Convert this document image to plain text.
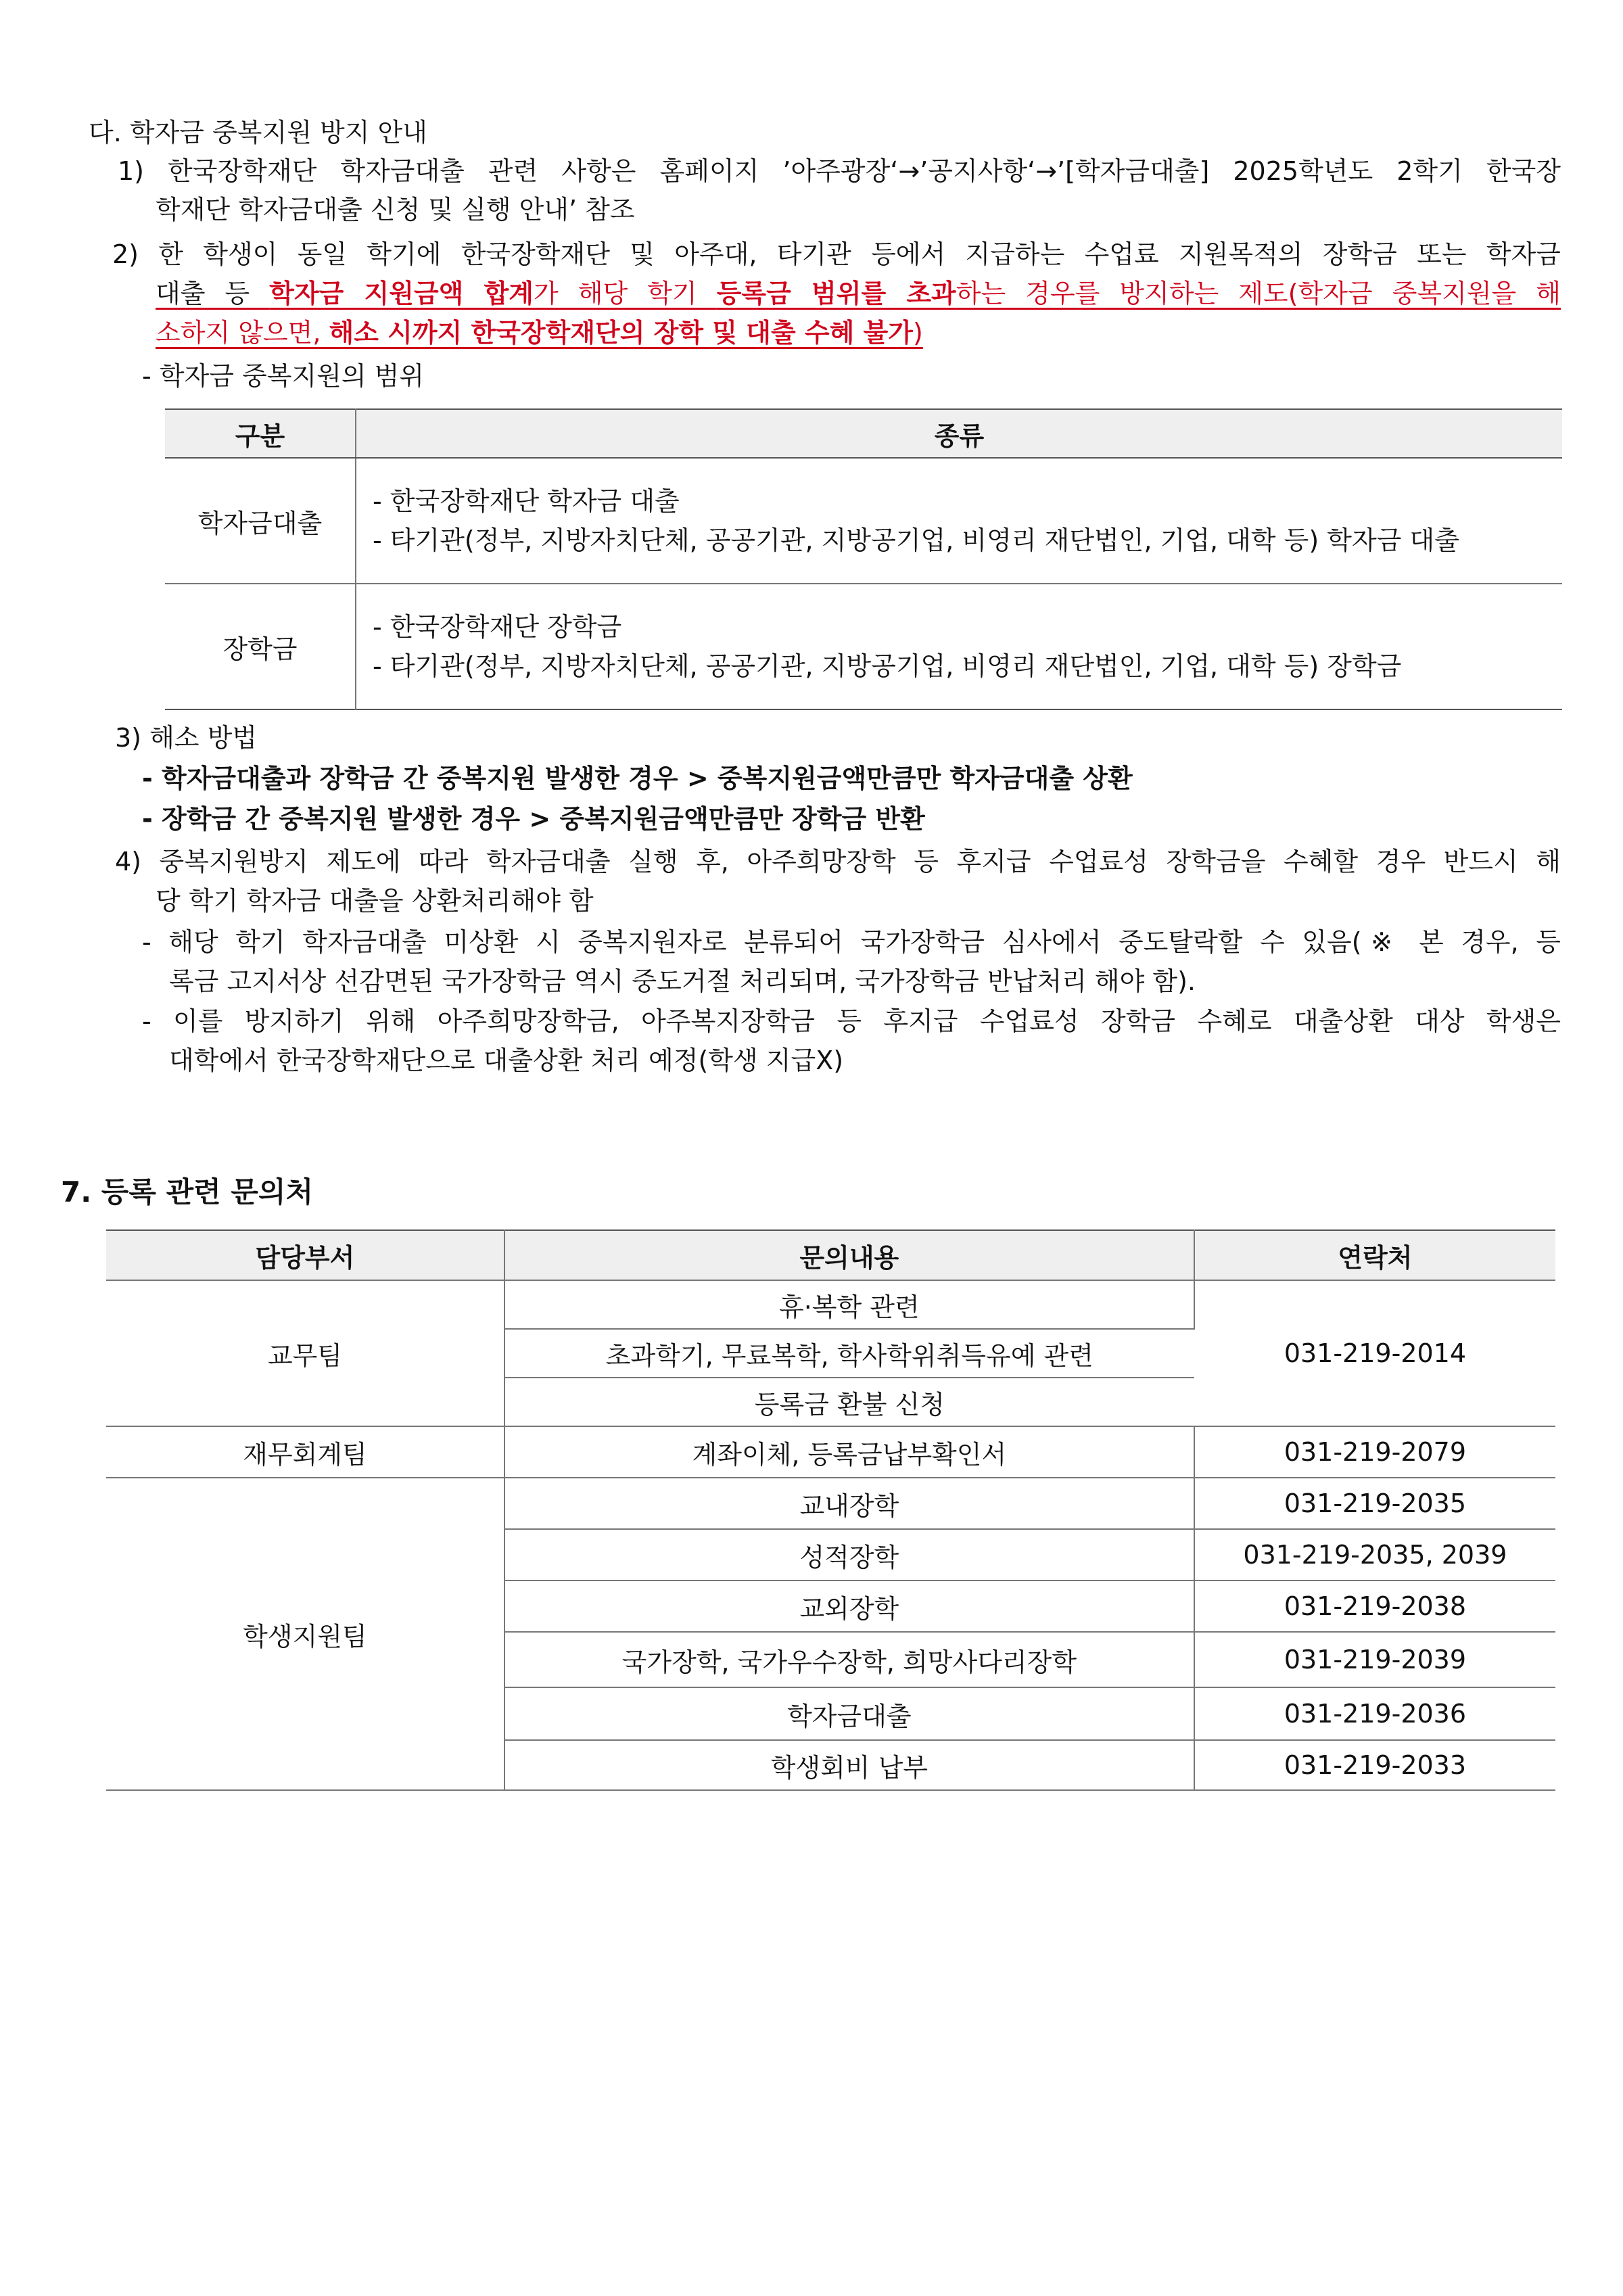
다. 학자금 중복지원 방지 안내
1) 한국장학재단 학자금대출 관련 사항은 홈페이지 ’아주광장‘→’공지사항‘→’[학자금대출] 2025학년도 2학기 한국장
학재단 학자금대출 신청 및 실행 안내’ 참조
2) 한 학생이 동일 학기에 한국장학재단 및 아주대, 타기관 등에서 지급하는 수업료 지원목적의 장학금 또는 학자금
대출 등 학자금 지원금액 합계가 해당 학기 등록금 범위를 초과하는 경우를 방지하는 제도(학자금 중복지원을 해
소하지 않으면, 해소 시까지 한국장학재단의 장학 및 대출 수혜 불가)
- 학자금 중복지원의 범위
구분	종류
학자금대출	- 한국장학재단 학자금 대출
- 타기관(정부, 지방자치단체, 공공기관, 지방공기업, 비영리 재단법인, 기업, 대학 등) 학자금 대출

장학금	- 한국장학재단 장학금
- 타기관(정부, 지방자치단체, 공공기관, 지방공기업, 비영리 재단법인, 기업, 대학 등) 장학금
3) 해소 방법
- 학자금대출과 장학금 간 중복지원 발생한 경우 > 중복지원금액만큼만 학자금대출 상환
- 장학금 간 중복지원 발생한 경우 > 중복지원금액만큼만 장학금 반환
4) 중복지원방지 제도에 따라 학자금대출 실행 후, 아주희망장학 등 후지급 수업료성 장학금을 수혜할 경우 반드시 해
당 학기 학자금 대출을 상환처리해야 함
- 해당 학기 학자금대출 미상환 시 중복지원자로 분류되어 국가장학금 심사에서 중도탈락할 수 있음(※ 본 경우, 등
록금 고지서상 선감면된 국가장학금 역시 중도거절 처리되며, 국가장학금 반납처리 해야 함).
- 이를 방지하기 위해 아주희망장학금, 아주복지장학금 등 후지급 수업료성 장학금 수혜로 대출상환 대상 학생은
대학에서 한국장학재단으로 대출상환 처리 예정(학생 지급X)
7. 등록 관련 문의처
담당부서	문의내용	연락처
교무팀	휴·복학 관련	031-219-2014
	초과학기, 무료복학, 학사학위취득유예 관련	
	등록금 환불 신청	
재무회계팀	계좌이체, 등록금납부확인서	031-219-2079
학생지원팀	교내장학	031-219-2035
	성적장학	031-219-2035, 2039
	교외장학	031-219-2038
	국가장학, 국가우수장학, 희망사다리장학	031-219-2039
	학자금대출	031-219-2036
	학생회비 납부	031-219-2033
